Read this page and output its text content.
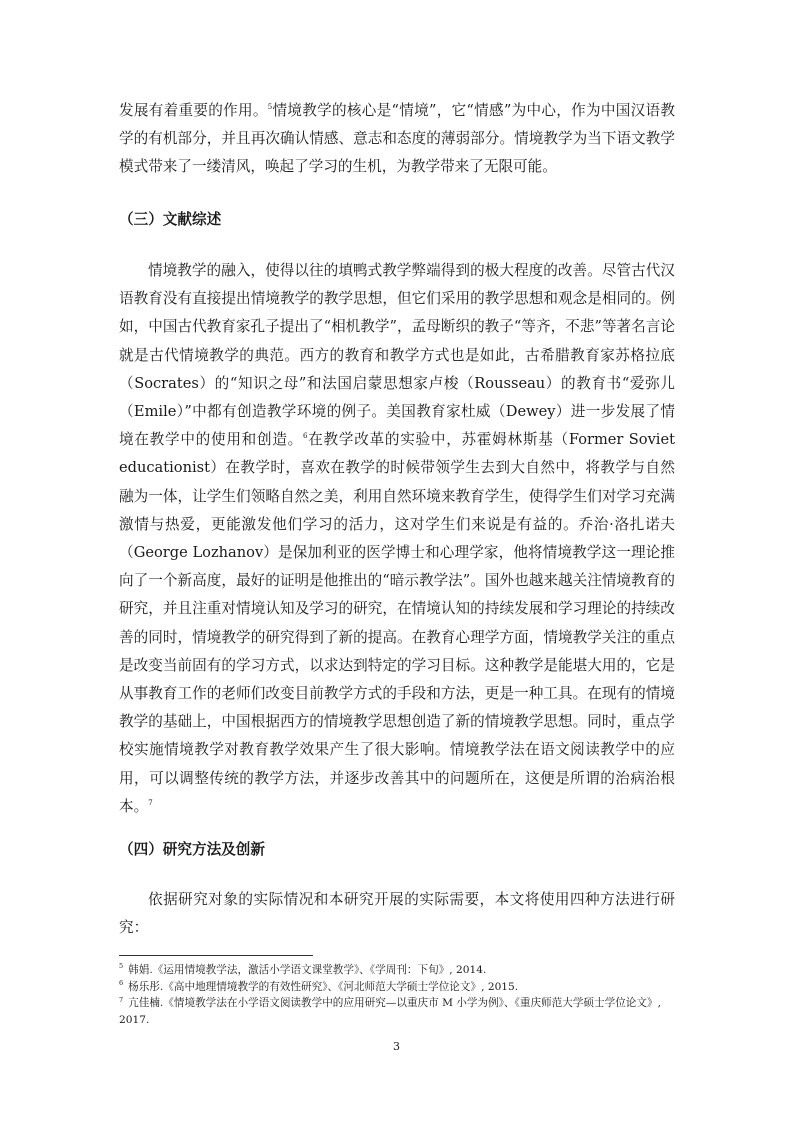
发展有着重要的作用。$^5$情境教学的核心是“情境”，它“情感”为中心，作为中国汉语教学的有机部分，并且再次确认情感、意志和态度的薄弱部分。情境教学为当下语文教学模式带来了一缕清风，唤起了学习的生机，为教学带来了无限可能。

（三）文献综述

情境教学的融入，使得以往的填鸭式教学弊端得到的极大程度的改善。尽管古代汉语教育没有直接提出情境教学的教学思想，但它们采用的教学思想和观念是相同的。例如，中国古代教育家孔子提出了“相机教学”，孟母断织的教子“等齐，不悲”等著名言论就是古代情境教学的典范。西方的教育和教学方式也是如此，古希腊教育家苏格拉底（Socrates）的“知识之母”和法国启蒙思想家卢梭（Rousseau）的教育书“爱弥儿（Emile）”中都有创造教学环境的例子。美国教育家杜威（Dewey）进一步发展了情境在教学中的使用和创造。$^6$在教学改革的实验中，苏霍姆林斯基（Former Soviet educationist）在教学时，喜欢在教学的时候带领学生去到大自然中，将教学与自然融为一体，让学生们领略自然之美，利用自然环境来教育学生，使得学生们对学习充满激情与热爱，更能激发他们学习的活力，这对学生们来说是有益的。乔治·洛扎诺夫（George Lozhanov）是保加利亚的医学博士和心理学家，他将情境教学这一理论推向了一个新高度，最好的证明是他推出的“暗示教学法”。国外也越来越关注情境教育的研究，并且注重对情境认知及学习的研究，在情境认知的持续发展和学习理论的持续改善的同时，情境教学的研究得到了新的提高。在教育心理学方面，情境教学关注的重点是改变当前固有的学习方式，以求达到特定的学习目标。这种教学是能堪大用的，它是从事教育工作的老师们改变目前教学方式的手段和方法，更是一种工具。在现有的情境教学的基础上，中国根据西方的情境教学思想创造了新的情境教学思想。同时，重点学校实施情境教学对教育教学效果产生了很大影响。情境教学法在语文阅读教学中的应用，可以调整传统的教学方法，并逐步改善其中的问题所在，这便是所谓的治病治根本。$^7$

（四）研究方法及创新

依据研究对象的实际情况和本研究开展的实际需要，本文将使用四种方法进行研究：

$^5$ 韩娟.《运用情境教学法，激活小学语文课堂教学》、《学周刊：下旬》, 2014.

$^6$ 杨乐彤.《高中地理情境教学的有效性研究》、《河北师范大学硕士学位论文》, 2015.

$^7$ 亢佳楠.《情境教学法在小学语文阅读教学中的应用研究—以重庆市 M 小学为例》、《重庆师范大学硕士学位论文》, 2017.

3
